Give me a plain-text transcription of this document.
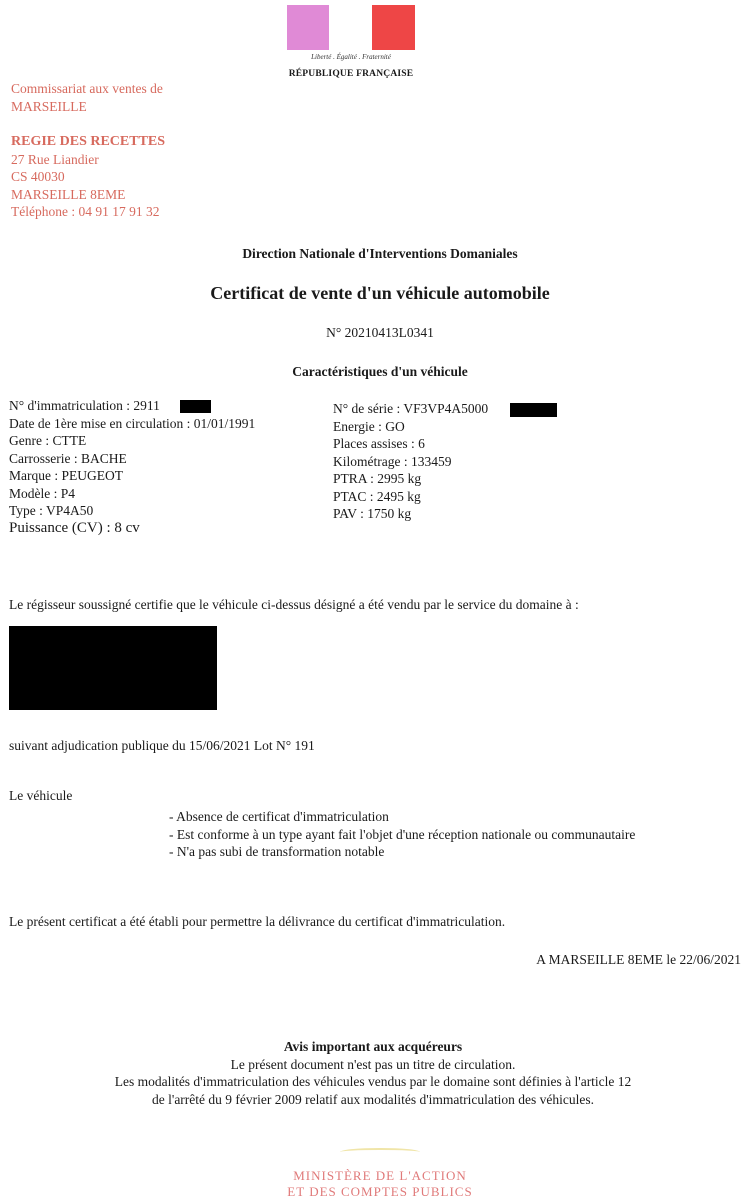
Liberté . Égalité . Fraternité
RÉPUBLIQUE FRANÇAISE
Commissariat aux ventes de
MARSEILLE
REGIE DES RECETTES
27 Rue Liandier
CS 40030
MARSEILLE 8EME
Téléphone : 04 91 17 91 32
Direction Nationale d'Interventions Domaniales
Certificat de vente d'un véhicule automobile
N° 20210413L0341
Caractéristiques d'un véhicule
N° d'immatriculation : 2911
Date de 1ère mise en circulation : 01/01/1991
Genre : CTTE
Carrosserie : BACHE
Marque : PEUGEOT
Modèle : P4
Type : VP4A50
Puissance (CV) : 8 cv
N° de série : VF3VP4A5000
Energie : GO
Places assises : 6
Kilométrage : 133459
PTRA : 2995 kg
PTAC : 2495 kg
PAV : 1750 kg
Le régisseur soussigné certifie que le véhicule ci-dessus désigné a été vendu par le service du domaine à :
suivant adjudication publique du 15/06/2021 Lot N° 191
Le véhicule
- Absence de certificat d'immatriculation
- Est conforme à un type ayant fait l'objet d'une réception nationale ou communautaire
- N'a pas subi de transformation notable
Le présent certificat a été établi pour permettre la délivrance du certificat d'immatriculation.
A MARSEILLE 8EME le 22/06/2021
Avis important aux acquéreurs
Le présent document n'est pas un titre de circulation.
Les modalités d'immatriculation des véhicules vendus par le domaine sont définies à l'article 12
de l'arrêté du 9 février 2009 relatif aux modalités d'immatriculation des véhicules.
MINISTÈRE DE L'ACTION
ET DES COMPTES PUBLICS
